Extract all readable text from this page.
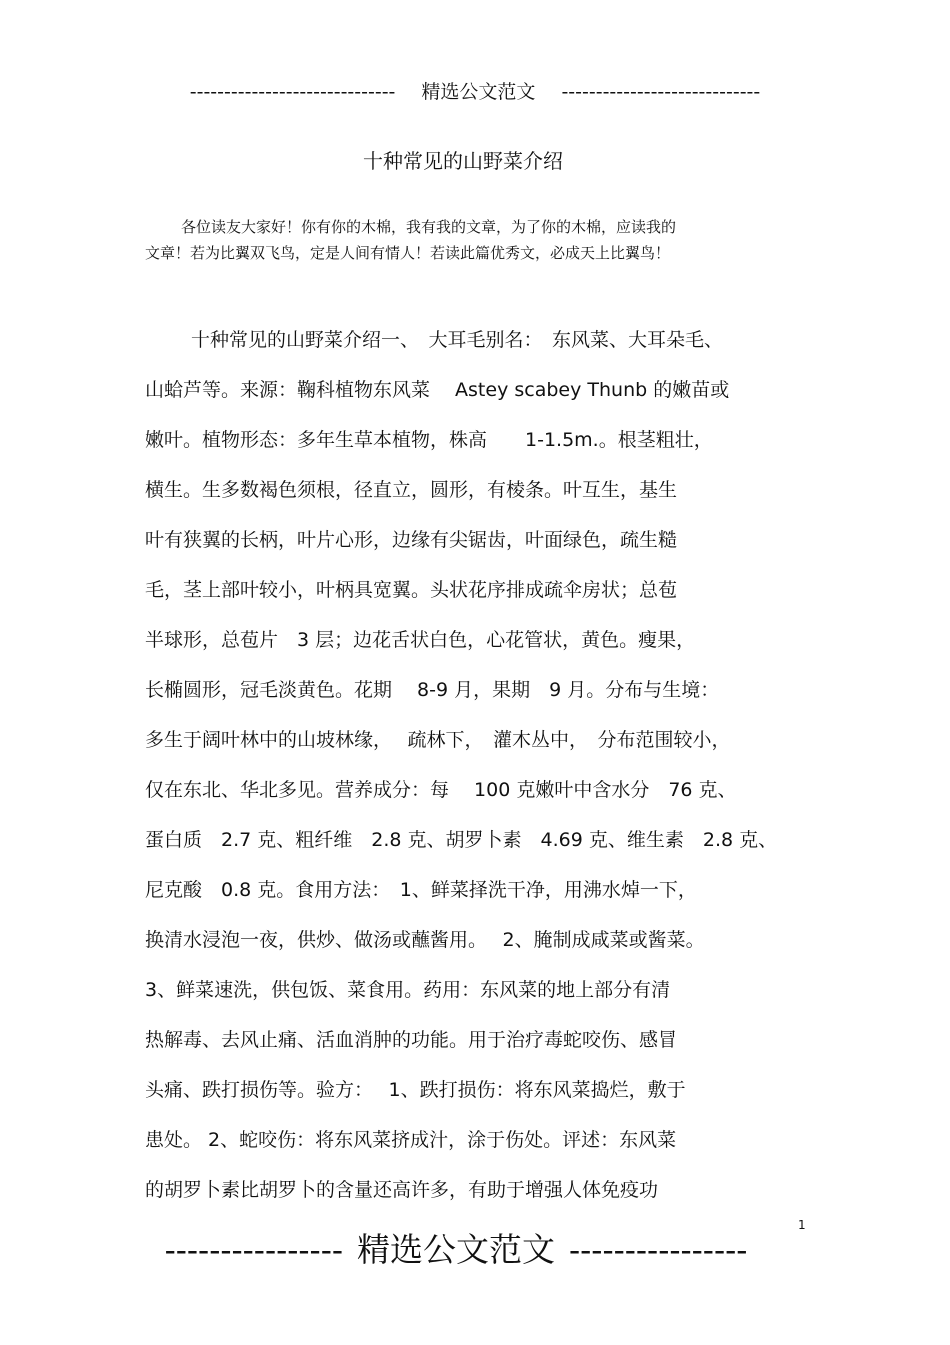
------------------------------ 精选公文范文 -----------------------------
十种常见的山野菜介绍
各位读友大家好！你有你的木棉，我有我的文章，为了你的木棉，应读我的
文章！若为比翼双飞鸟，定是人间有情人！若读此篇优秀文，必成天上比翼鸟！
十种常见的山野菜介绍一、　大耳毛别名：　东风菜、大耳朵毛、
山蛤芦等。来源：鞠科植物东风菜　 Astey scabey Thunb 的嫩苗或
嫩叶。植物形态：多年生草本植物，株高　　1-1.5m.。根茎粗壮，
横生。生多数褐色须根，径直立，圆形，有棱条。叶互生，基生
叶有狭翼的长柄，叶片心形，边缘有尖锯齿，叶面绿色，疏生糙
毛，茎上部叶较小，叶柄具宽翼。头状花序排成疏伞房状；总苞
半球形，总苞片　3 层；边花舌状白色，心花管状，黄色。瘦果，
长椭圆形，冠毛淡黄色。花期　 8-9 月，果期　9 月。分布与生境：
多生于阔叶林中的山坡林缘，　 疏林下，　灌木丛中，　分布范围较小，
仅在东北、华北多见。营养成分：每　 100 克嫩叶中含水分　76 克、
蛋白质　2.7 克、粗纤维　2.8 克、胡罗卜素　4.69 克、维生素　2.8 克、
尼克酸　0.8 克。食用方法：　1、鲜菜择洗干净，用沸水焯一下，
换清水浸泡一夜，供炒、做汤或蘸酱用。　 2、腌制成咸菜或酱菜。
3、鲜菜速洗，供包饭、菜食用。药用：东风菜的地上部分有清
热解毒、去风止痛、活血消肿的功能。用于治疗毒蛇咬伤、感冒
头痛、跌打损伤等。验方：　 1、跌打损伤：将东风菜捣烂，敷于
患处。 2、蛇咬伤：将东风菜挤成汁，涂于伤处。评述：东风菜
的胡罗卜素比胡罗卜的含量还高许多，有助于增强人体免疫功
1
---------------- 精选公文范文 ----------------
